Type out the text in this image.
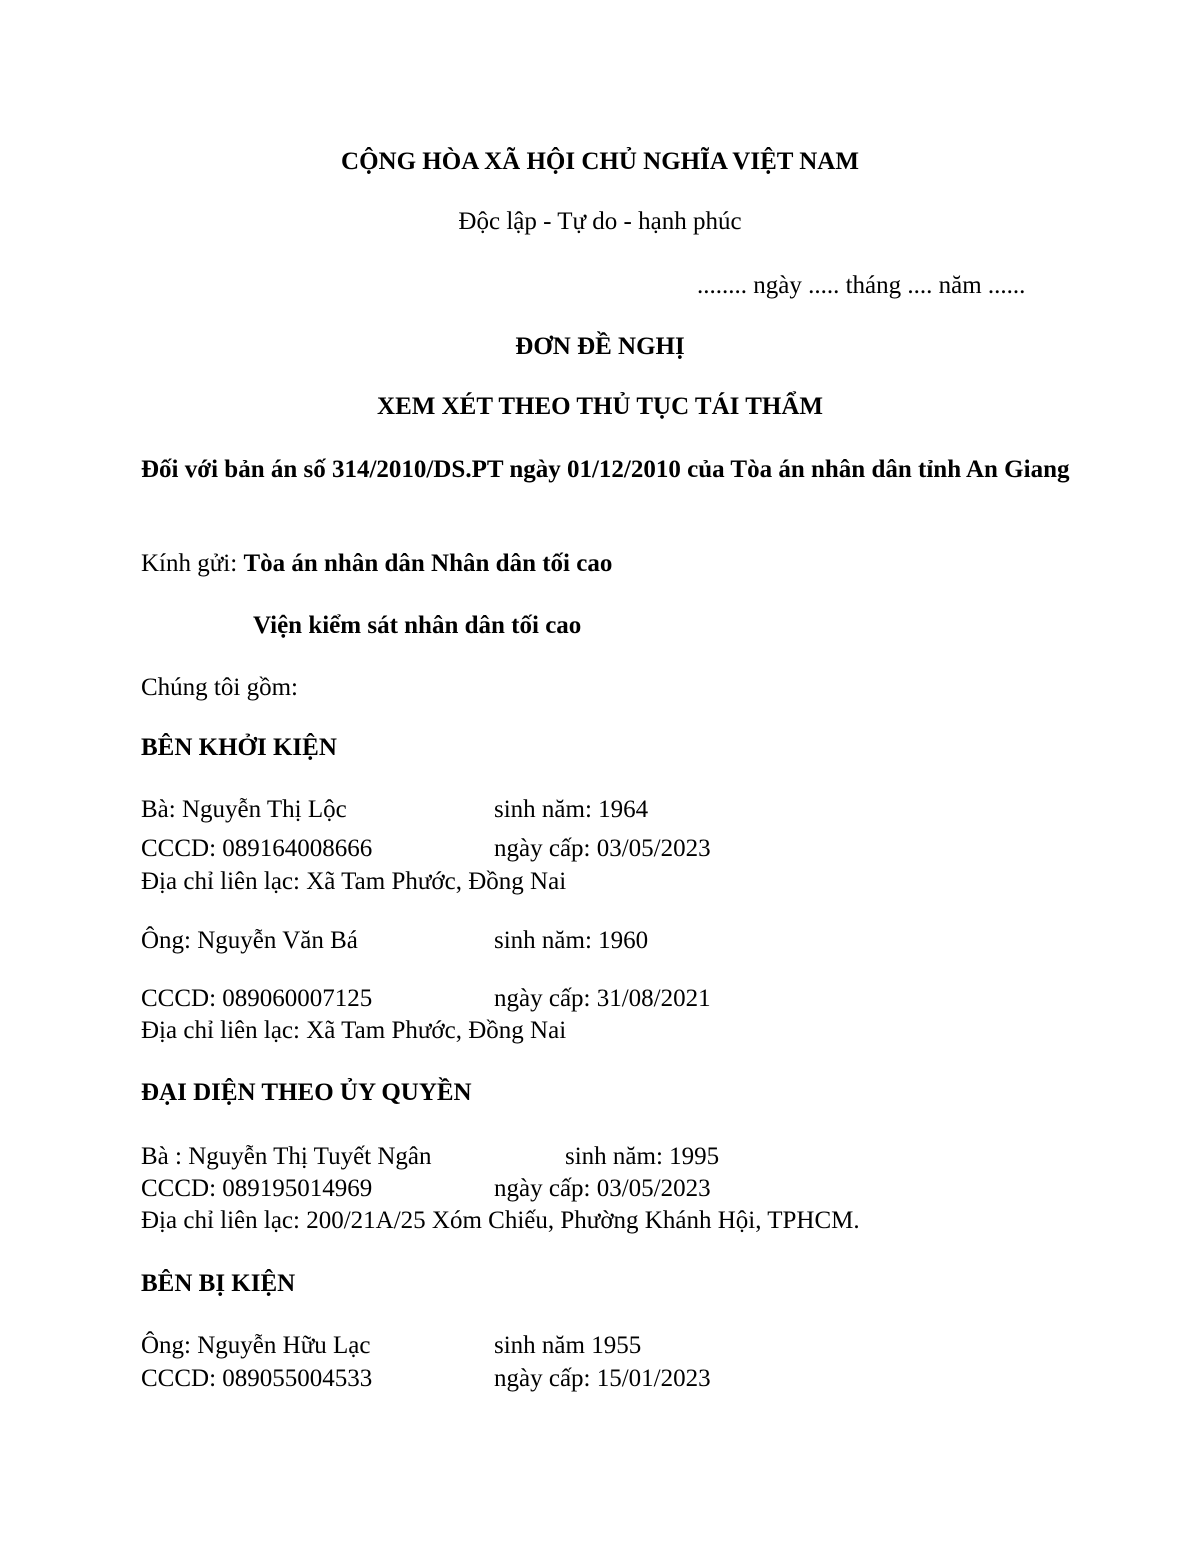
CỘNG HÒA XÃ HỘI CHỦ NGHĨA VIỆT NAM
Độc lập - Tự do - hạnh phúc
........ ngày ..... tháng .... năm ......
ĐƠN ĐỀ NGHỊ
XEM XÉT THEO THỦ TỤC TÁI THẨM
Đối với bản án số 314/2010/DS.PT ngày 01/12/2010 của Tòa án nhân dân tỉnh An Giang
Kính gửi: Tòa án nhân dân Nhân dân tối cao
Viện kiểm sát nhân dân tối cao
Chúng tôi gồm:
BÊN KHỞI KIỆN
Bà: Nguyễn Thị Lộc	sinh năm: 1964
CCCD: 089164008666	ngày cấp: 03/05/2023
Địa chỉ liên lạc: Xã Tam Phước, Đồng Nai
Ông: Nguyễn Văn Bá	sinh năm: 1960
CCCD: 089060007125	ngày cấp: 31/08/2021
Địa chỉ liên lạc: Xã Tam Phước, Đồng Nai
ĐẠI DIỆN THEO ỦY QUYỀN
Bà : Nguyễn Thị Tuyết Ngân	sinh năm: 1995
CCCD: 089195014969	ngày cấp: 03/05/2023
Địa chỉ liên lạc: 200/21A/25 Xóm Chiếu, Phường Khánh Hội, TPHCM.
BÊN BỊ KIỆN
Ông: Nguyễn Hữu Lạc	sinh năm 1955
CCCD: 089055004533	ngày cấp: 15/01/2023
